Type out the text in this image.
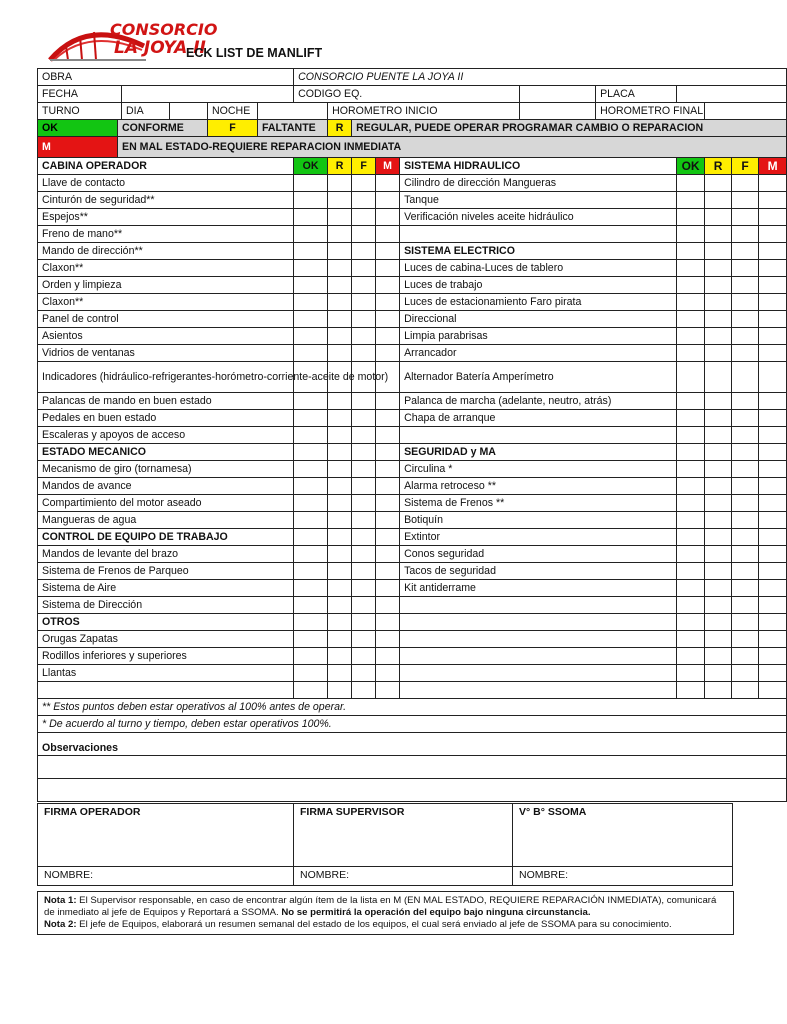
CONSORCIO
LA JOYA II
ECK LIST DE MANLIFT
OBRA						CONSORCIO PUENTE LA JOYA II										
FECHA						CODIGO EQ.						PLACA				
TURNO		DIA		NOCHE			HOROMETRO INICIO					HOROMETRO FINAL				
OK	CONFORME			F	FALTANTE		R	REGULAR, PUEDE OPERAR PROGRAMAR CAMBIO O REPARACION								
M	EN MAL ESTADO-REQUIERE REPARACION INMEDIATA															
CABINA OPERADOR						OK	R	F	M	SISTEMA HIDRAULICO			OK	R	F	M
Llave de contacto										Cilindro de dirección Mangueras						
Cinturón de seguridad**										Tanque						
Espejos**										Verificación niveles aceite hidráulico						
Freno de mano**																
Mando de dirección**										SISTEMA ELECTRICO						
Claxon**										Luces de cabina-Luces de tablero						
Orden y limpieza										Luces de trabajo						
Claxon**										Luces de estacionamiento Faro pirata						
Panel de control										Direccional						
Asientos										Limpia parabrisas						
Vidrios de ventanas										Arrancador						
Indicadores (hidráulico-refrigerantes-horómetro-corriente-aceite de motor)										Alternador Batería Amperímetro						
Palancas de mando en buen estado										Palanca de marcha (adelante, neutro, atrás)						
Pedales en buen estado										Chapa de arranque						
Escaleras y apoyos de acceso																
ESTADO MECANICO										SEGURIDAD y MA						
Mecanismo de giro (tornamesa)										Circulina *						
Mandos de avance										Alarma retroceso **						
Compartimiento del motor aseado										Sistema de Frenos **						
Mangueras de agua										Botiquín						
CONTROL DE EQUIPO DE TRABAJO										Extintor						
Mandos de levante del brazo										Conos seguridad						
Sistema de Frenos de Parqueo										Tacos de seguridad						
Sistema de Aire										Kit antiderrame						
Sistema de Dirección																
OTROS																
Orugas Zapatas																
Rodillos inferiores y superiores																
Llantas																

** Estos puntos deben estar operativos al 100% antes de operar.																
* De acuerdo al turno y tiempo, deben estar operativos 100%.																
Observaciones																

FIRMA OPERADOR	FIRMA SUPERVISOR	V° B° SSOMA
NOMBRE:	NOMBRE:	NOMBRE:
Nota 1: El Supervisor responsable, en caso de encontrar algún ítem de la lista en M (EN MAL ESTADO, REQUIERE REPARACIÓN INMEDIATA), comunicará de inmediato al jefe de Equipos y Reportará a SSOMA. No se permitirá la operación del equipo bajo ninguna circunstancia.
Nota 2: El jefe de Equipos, elaborará un resumen semanal del estado de los equipos, el cual será enviado al jefe de SSOMA para su conocimiento.
